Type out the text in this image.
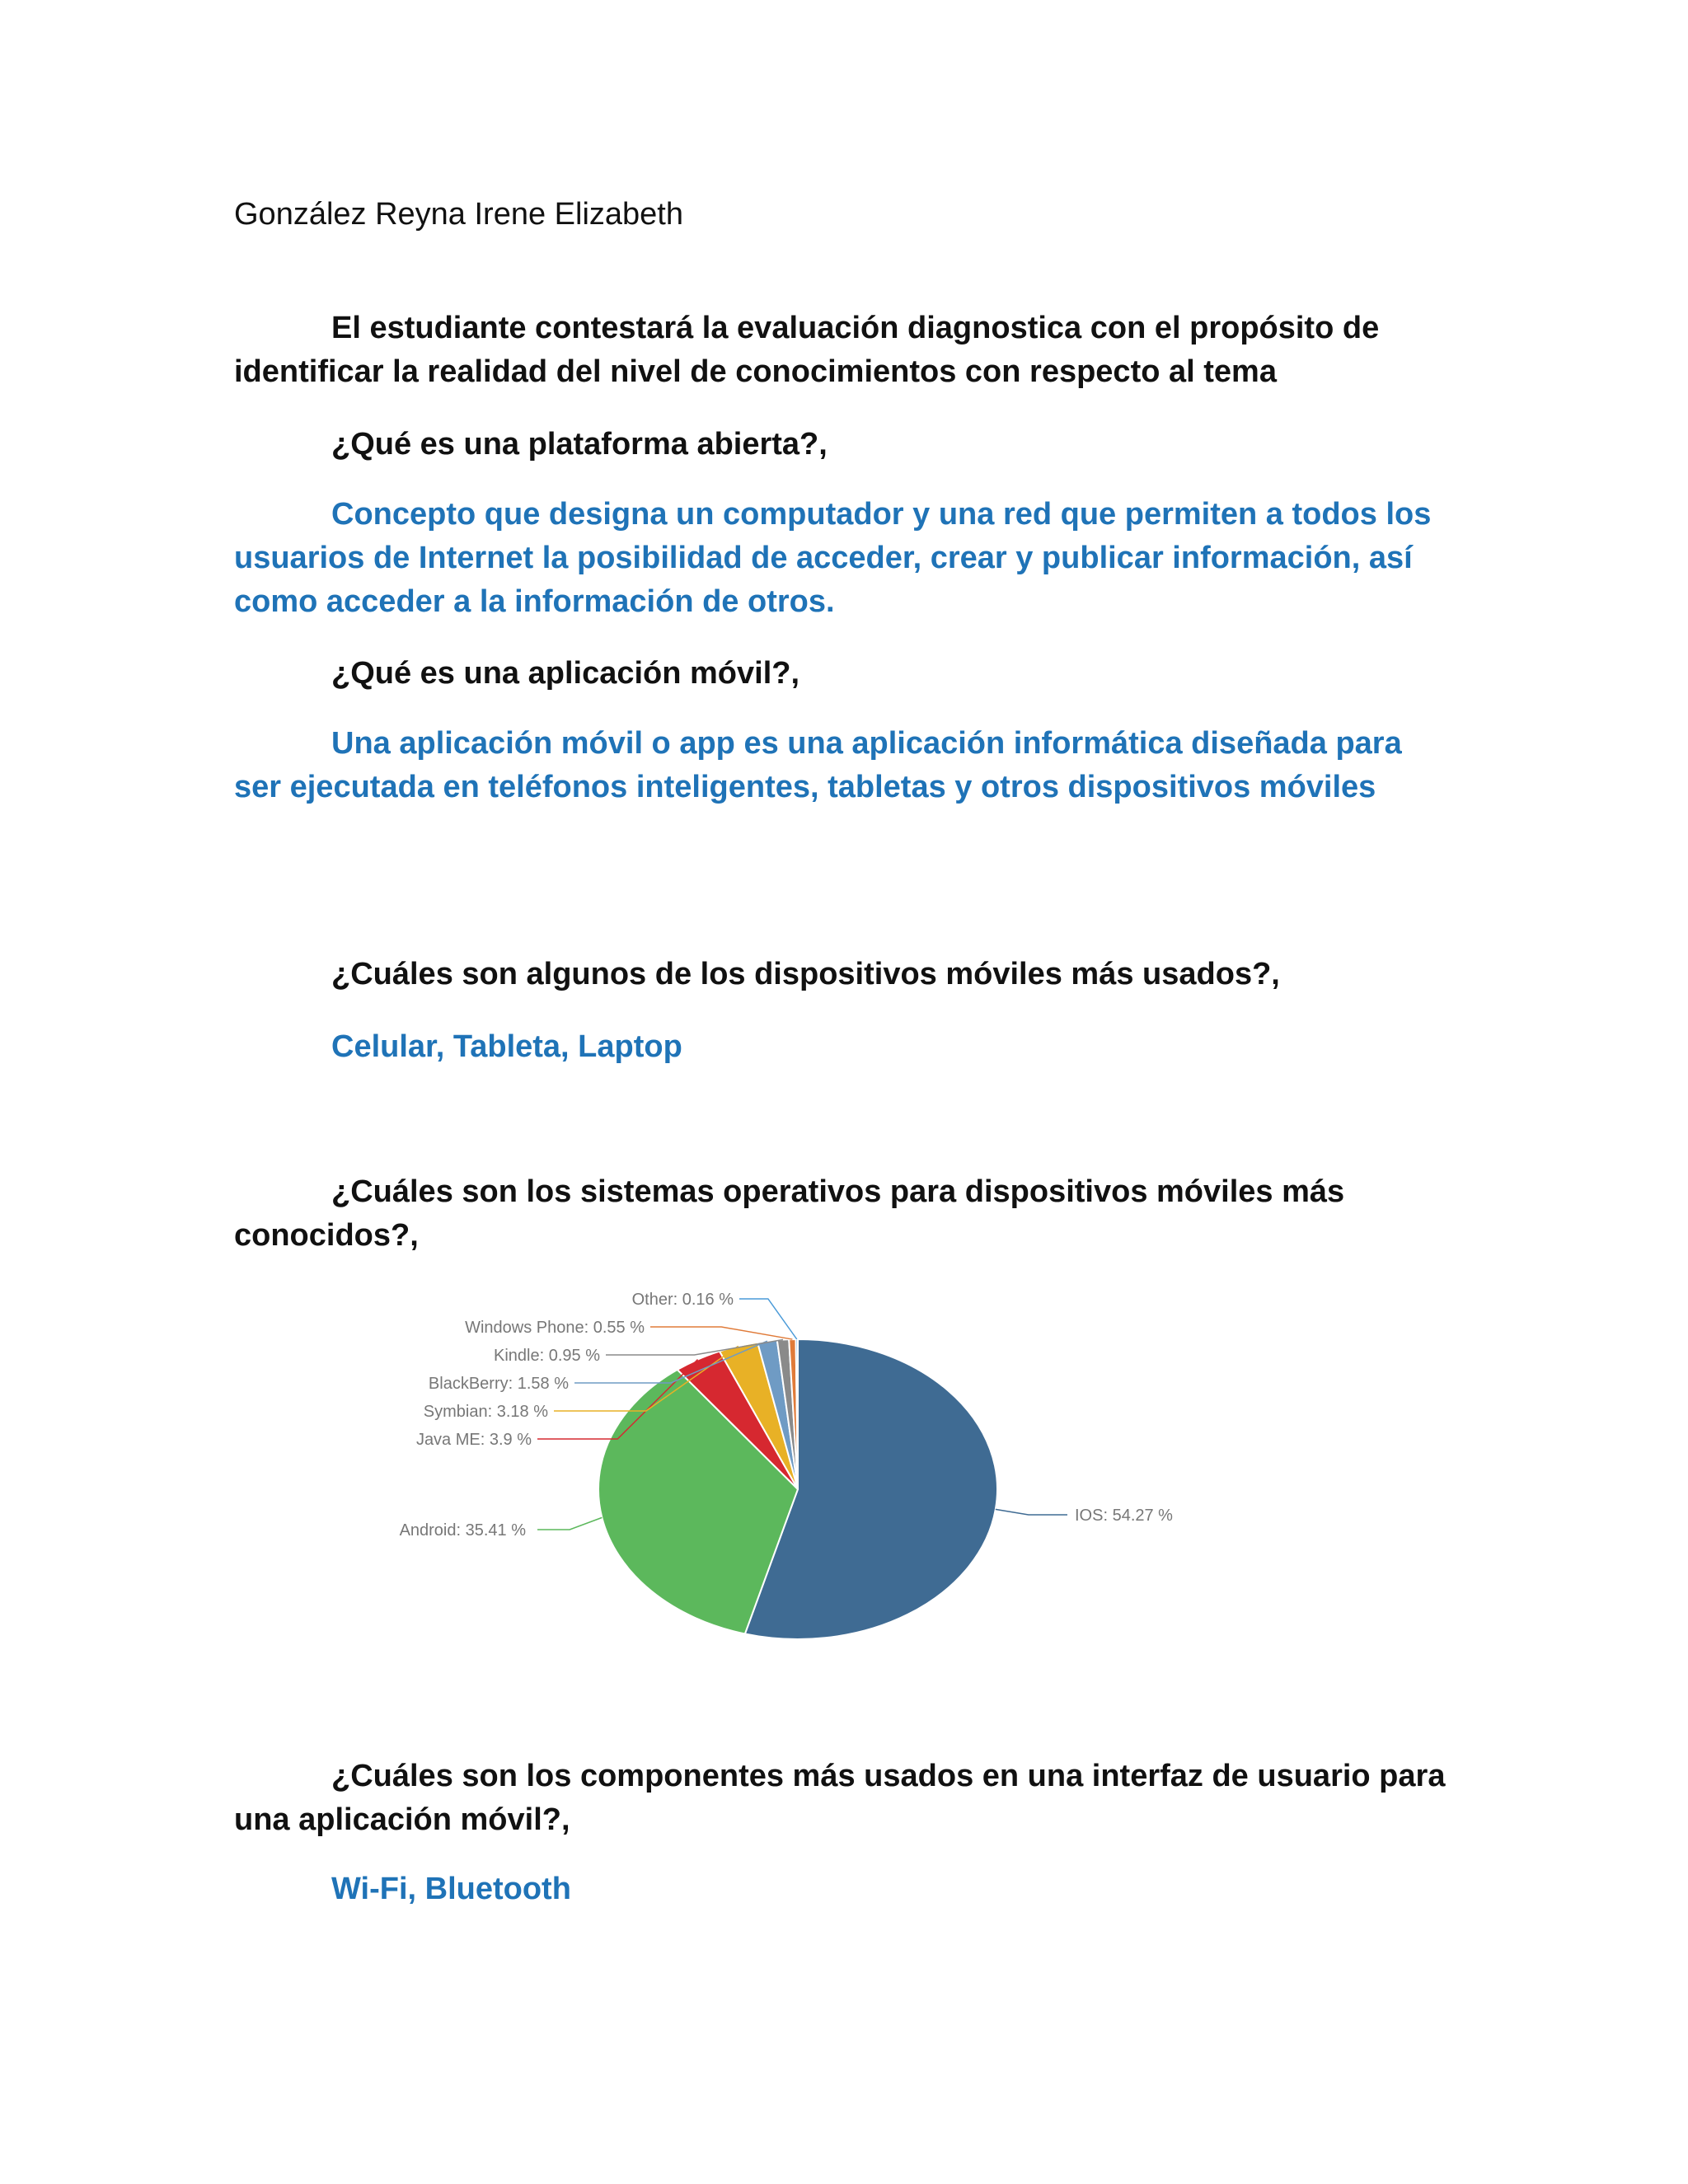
González Reyna Irene Elizabeth

El estudiante contestará la evaluación diagnostica con el propósito de identificar la realidad del nivel de conocimientos con respecto al tema

¿Qué es una plataforma abierta?,

Concepto que designa un computador y una red que permiten a todos los usuarios de Internet la posibilidad de acceder, crear y publicar información, así como acceder a la información de otros.

¿Qué es una aplicación móvil?,

Una aplicación móvil o app es una aplicación informática diseñada para ser ejecutada en teléfonos inteligentes, tabletas y otros dispositivos móviles

¿Cuáles son algunos de los dispositivos móviles más usados?,

Celular, Tableta, Laptop

¿Cuáles son los sistemas operativos para dispositivos móviles más conocidos?,

IOS: 54.27 %
Android: 35.41 %
Java ME: 3.9 %
Symbian: 3.18 %
BlackBerry: 1.58 %
Kindle: 0.95 %
Windows Phone: 0.55 %
Other: 0.16 %

¿Cuáles son los componentes más usados en una interfaz de usuario para una aplicación móvil?,

Wi-Fi, Bluetooth
